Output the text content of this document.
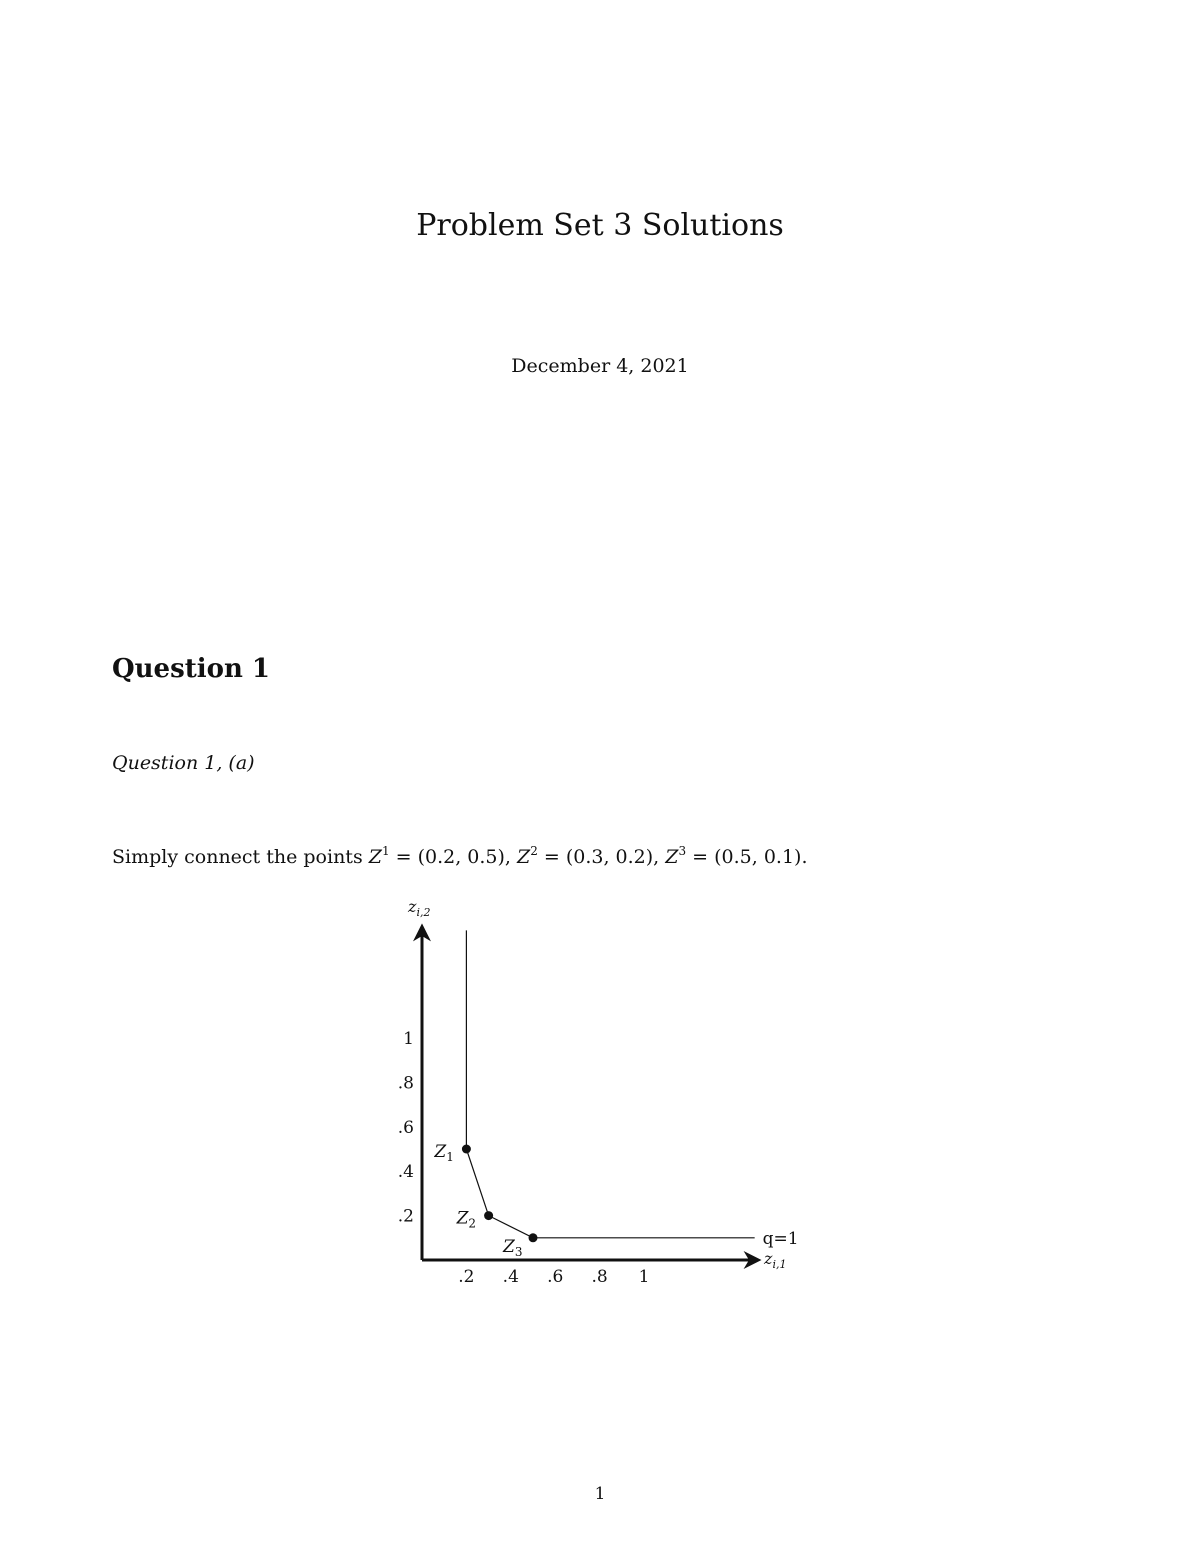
Problem Set 3 Solutions
December 4, 2021
Question 1
Question 1, (a)
Simply connect the points $Z^1 = (0.2$, 0.5), $Z^2 = (0.3$, 0.2), $Z^3 = (0.5$, 0.1).
$z_{i,1}$
$z_{i,2}$
.2 .4 .6 .8 1
.2
.4
.6
.8
1
$Z_1$
$Z_2$
$Z_3$
q=1
1
